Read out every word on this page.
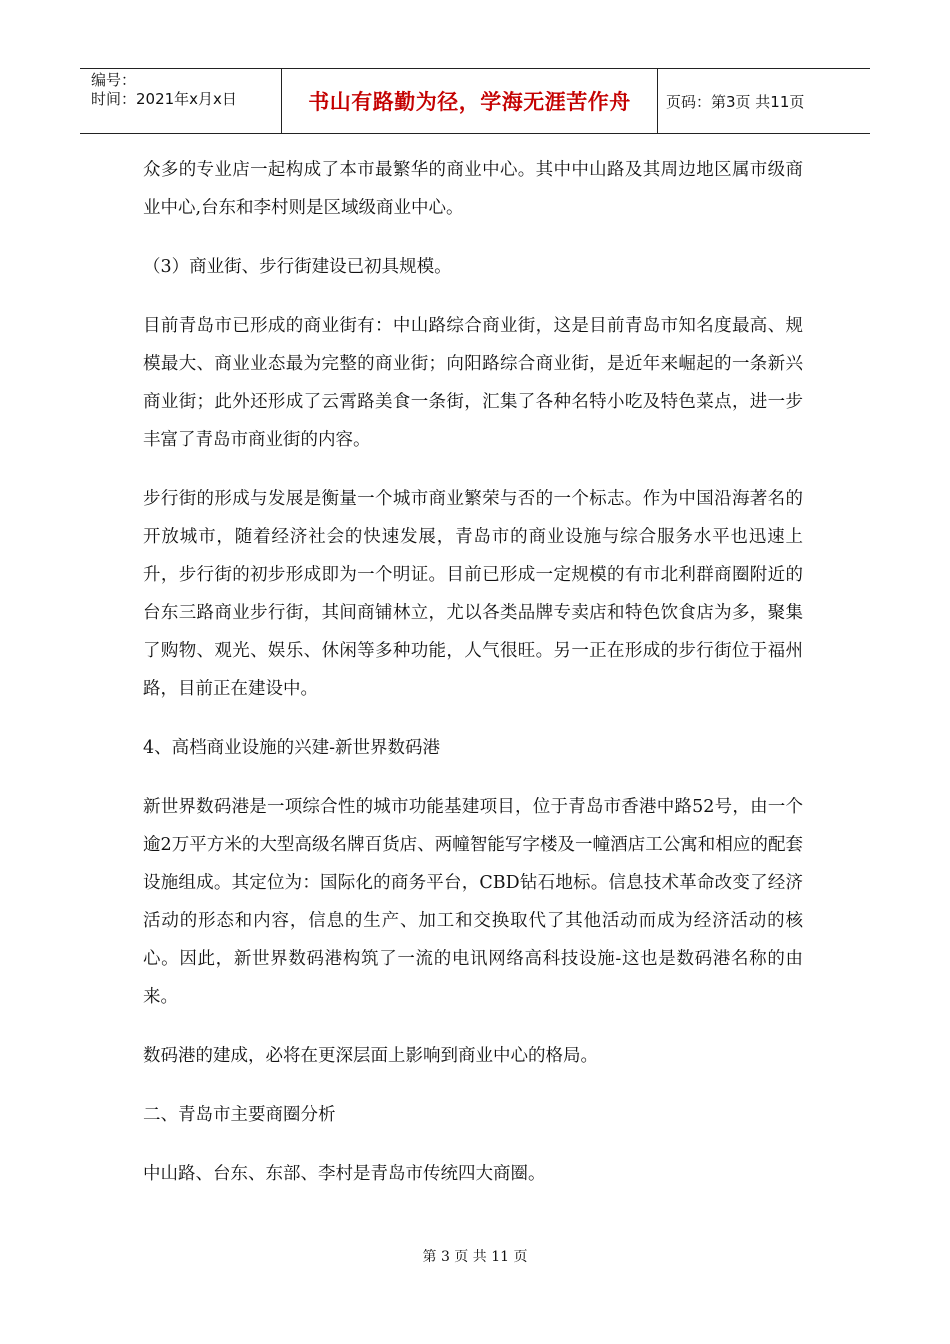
编号：
时间：2021年x月x日	书山有路勤为径，学海无涯苦作舟	页码：第3页 共11页

众多的专业店一起构成了本市最繁华的商业中心。其中中山路及其周边地区属市级商业中心,台东和李村则是区域级商业中心。

（3）商业街、步行街建设已初具规模。

目前青岛市已形成的商业街有：中山路综合商业街，这是目前青岛市知名度最高、规模最大、商业业态最为完整的商业街；向阳路综合商业街，是近年来崛起的一条新兴商业街；此外还形成了云霄路美食一条街，汇集了各种名特小吃及特色菜点，进一步丰富了青岛市商业街的内容。

步行街的形成与发展是衡量一个城市商业繁荣与否的一个标志。作为中国沿海著名的开放城市，随着经济社会的快速发展，青岛市的商业设施与综合服务水平也迅速上升，步行街的初步形成即为一个明证。目前已形成一定规模的有市北利群商圈附近的台东三路商业步行街，其间商铺林立，尤以各类品牌专卖店和特色饮食店为多，聚集了购物、观光、娱乐、休闲等多种功能，人气很旺。另一正在形成的步行街位于福州路，目前正在建设中。

4、高档商业设施的兴建-新世界数码港

新世界数码港是一项综合性的城市功能基建项目，位于青岛市香港中路52号，由一个逾2万平方米的大型高级名牌百货店、两幢智能写字楼及一幢酒店工公寓和相应的配套设施组成。其定位为：国际化的商务平台，CBD钻石地标。信息技术革命改变了经济活动的形态和内容，信息的生产、加工和交换取代了其他活动而成为经济活动的核心。因此，新世界数码港构筑了一流的电讯网络高科技设施-这也是数码港名称的由来。

数码港的建成，必将在更深层面上影响到商业中心的格局。

二、青岛市主要商圈分析

中山路、台东、东部、李村是青岛市传统四大商圈。

第 3 页 共 11 页
